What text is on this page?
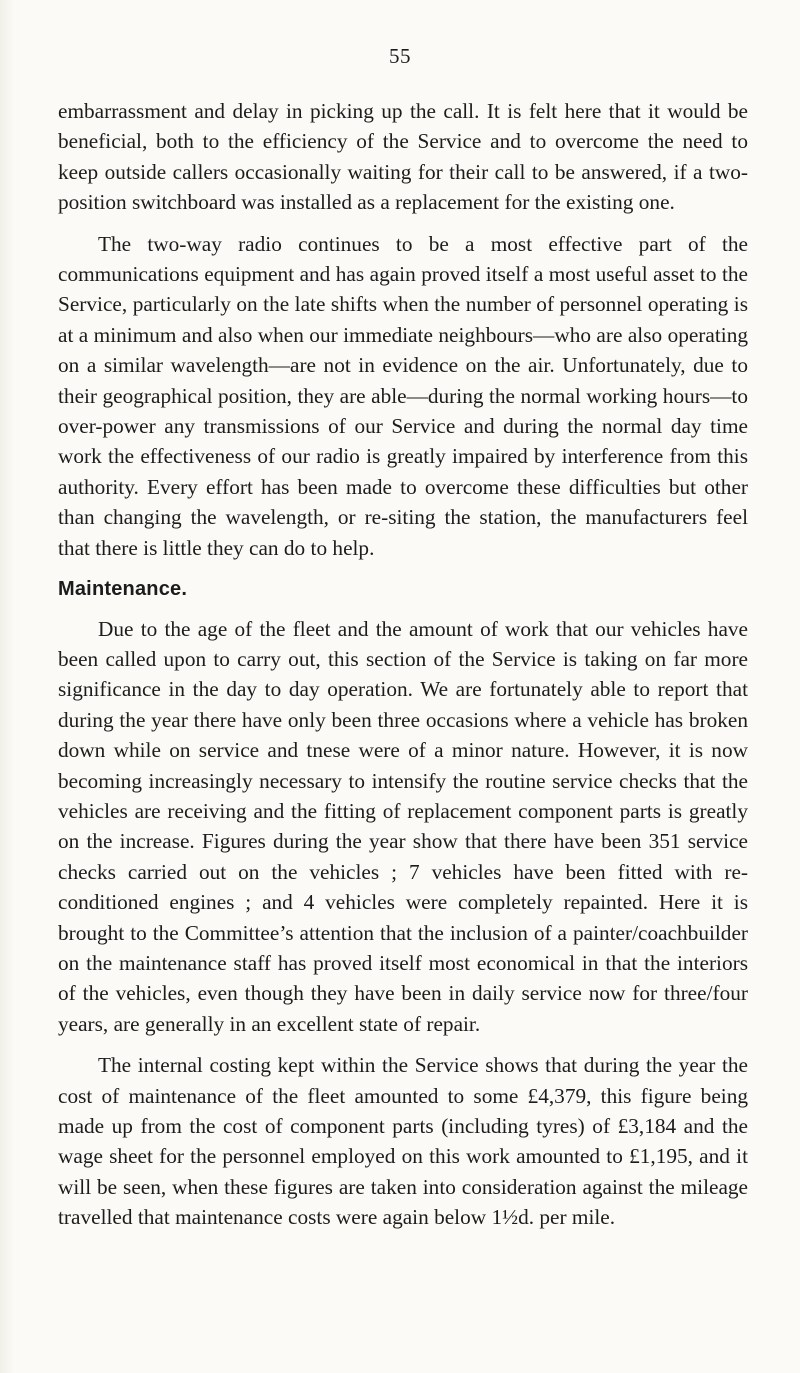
55

embarrassment and delay in picking up the call. It is felt here that it would be beneficial, both to the efficiency of the Service and to overcome the need to keep outside callers occasionally waiting for their call to be answered, if a two-position switchboard was installed as a replacement for the existing one.

The two-way radio continues to be a most effective part of the communications equipment and has again proved itself a most useful asset to the Service, particularly on the late shifts when the number of personnel operating is at a minimum and also when our immediate neighbours—who are also operating on a similar wavelength—are not in evidence on the air. Unfortunately, due to their geographical position, they are able—during the normal working hours—to over-power any transmissions of our Service and during the normal day time work the effectiveness of our radio is greatly impaired by interference from this authority. Every effort has been made to overcome these difficulties but other than changing the wavelength, or re-siting the station, the manufacturers feel that there is little they can do to help.

Maintenance.

Due to the age of the fleet and the amount of work that our vehicles have been called upon to carry out, this section of the Service is taking on far more significance in the day to day operation. We are fortunately able to report that during the year there have only been three occasions where a vehicle has broken down while on service and tnese were of a minor nature. However, it is now becoming increasingly necessary to intensify the routine service checks that the vehicles are receiving and the fitting of replacement component parts is greatly on the increase. Figures during the year show that there have been 351 service checks carried out on the vehicles ; 7 vehicles have been fitted with re-conditioned engines ; and 4 vehicles were completely repainted. Here it is brought to the Committee’s attention that the inclusion of a painter/coachbuilder on the maintenance staff has proved itself most economical in that the interiors of the vehicles, even though they have been in daily service now for three/four years, are generally in an excellent state of repair.

The internal costing kept within the Service shows that during the year the cost of maintenance of the fleet amounted to some £4,379, this figure being made up from the cost of component parts (including tyres) of £3,184 and the wage sheet for the personnel employed on this work amounted to £1,195, and it will be seen, when these figures are taken into consideration against the mileage travelled that maintenance costs were again below 1½d. per mile.
